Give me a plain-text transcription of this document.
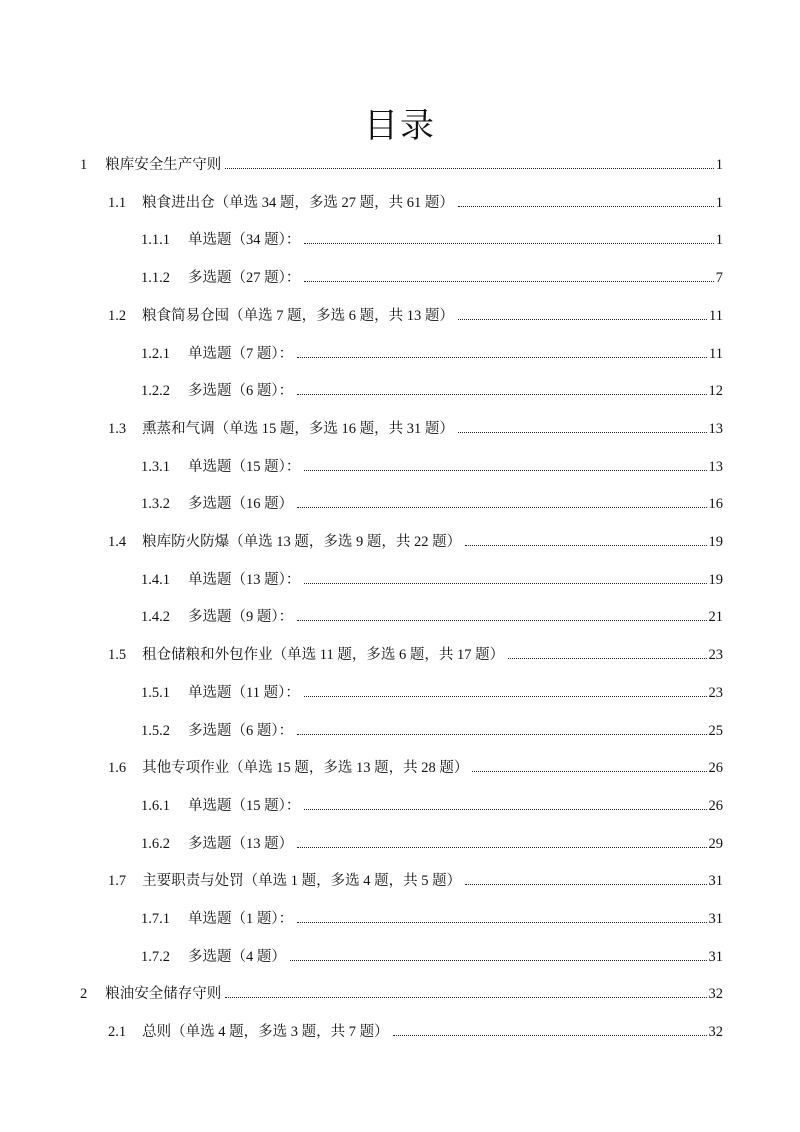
目录
1 粮库安全生产守则	1
1.1 粮食进出仓（单选 34 题，多选 27 题，共 61 题）	1
1.1.1 单选题（34 题）：	1
1.1.2 多选题（27 题）：	7
1.2 粮食简易仓囤（单选 7 题，多选 6 题，共 13 题）	11
1.2.1 单选题（7 题）：	11
1.2.2 多选题（6 题）：	12
1.3 熏蒸和气调（单选 15 题，多选 16 题，共 31 题）	13
1.3.1 单选题（15 题）：	13
1.3.2 多选题（16 题）	16
1.4 粮库防火防爆（单选 13 题，多选 9 题，共 22 题）	19
1.4.1 单选题（13 题）：	19
1.4.2 多选题（9 题）：	21
1.5 租仓储粮和外包作业（单选 11 题，多选 6 题，共 17 题）	23
1.5.1 单选题（11 题）：	23
1.5.2 多选题（6 题）：	25
1.6 其他专项作业（单选 15 题，多选 13 题，共 28 题）	26
1.6.1 单选题（15 题）：	26
1.6.2 多选题（13 题）	29
1.7 主要职责与处罚（单选 1 题，多选 4 题，共 5 题）	31
1.7.1 单选题（1 题）：	31
1.7.2 多选题（4 题）	31
2 粮油安全储存守则	32
2.1 总则（单选 4 题，多选 3 题，共 7 题）	32
